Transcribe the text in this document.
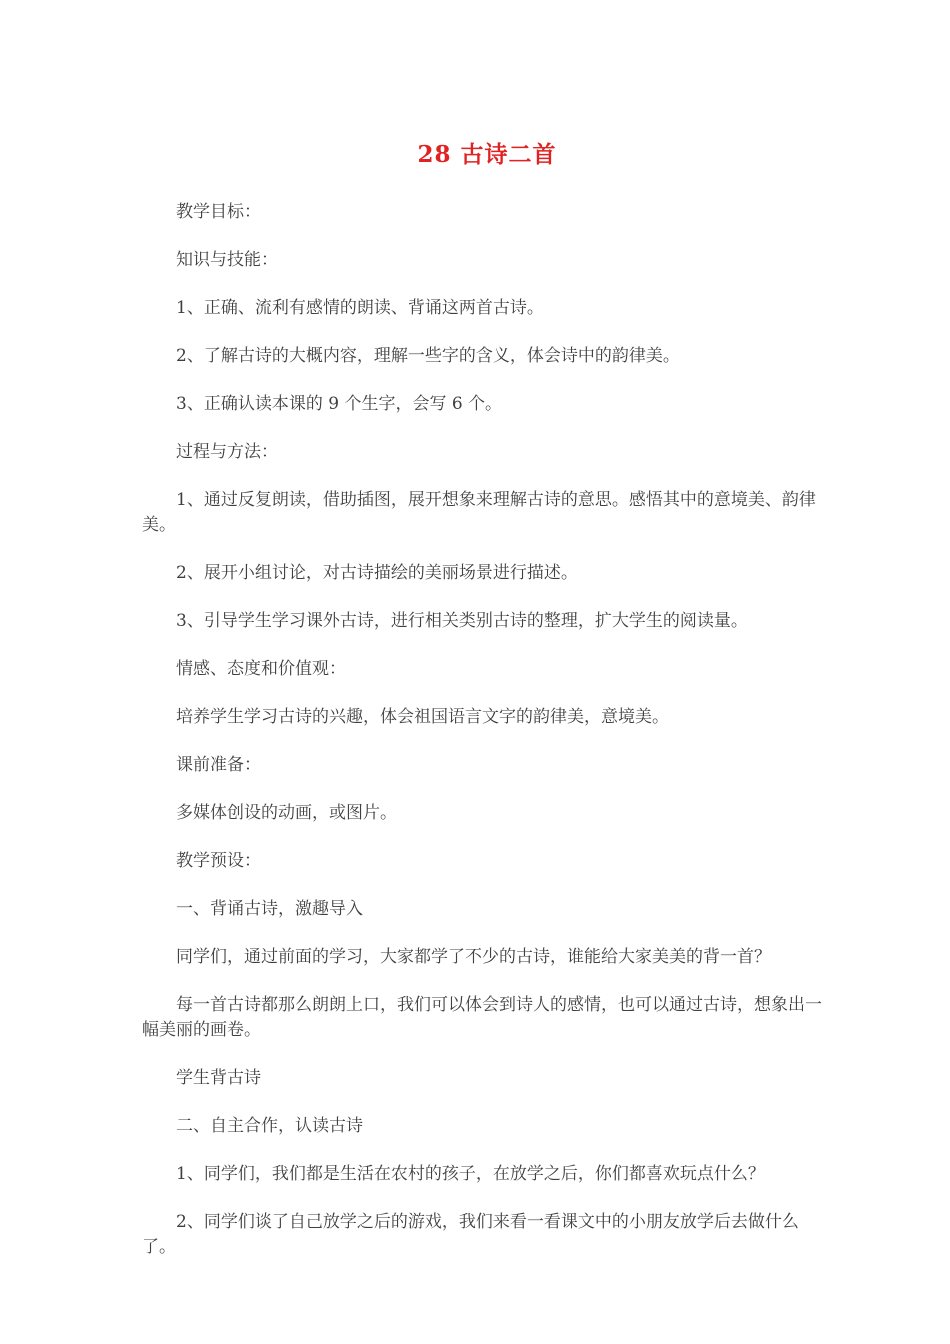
28 古诗二首

教学目标：

知识与技能：

1、正确、流利有感情的朗读、背诵这两首古诗。

2、了解古诗的大概内容，理解一些字的含义，体会诗中的韵律美。

3、正确认读本课的 9 个生字，会写 6 个。

过程与方法：

1、通过反复朗读，借助插图，展开想象来理解古诗的意思。感悟其中的意境美、韵律美。

2、展开小组讨论，对古诗描绘的美丽场景进行描述。

3、引导学生学习课外古诗，进行相关类别古诗的整理，扩大学生的阅读量。

情感、态度和价值观：

培养学生学习古诗的兴趣，体会祖国语言文字的韵律美，意境美。

课前准备：

多媒体创设的动画，或图片。

教学预设：

一、背诵古诗，激趣导入

同学们，通过前面的学习，大家都学了不少的古诗，谁能给大家美美的背一首？

每一首古诗都那么朗朗上口，我们可以体会到诗人的感情，也可以通过古诗，想象出一幅美丽的画卷。

学生背古诗

二、自主合作，认读古诗

1、同学们，我们都是生活在农村的孩子，在放学之后，你们都喜欢玩点什么？

2、同学们谈了自己放学之后的游戏，我们来看一看课文中的小朋友放学后去做什么了。
